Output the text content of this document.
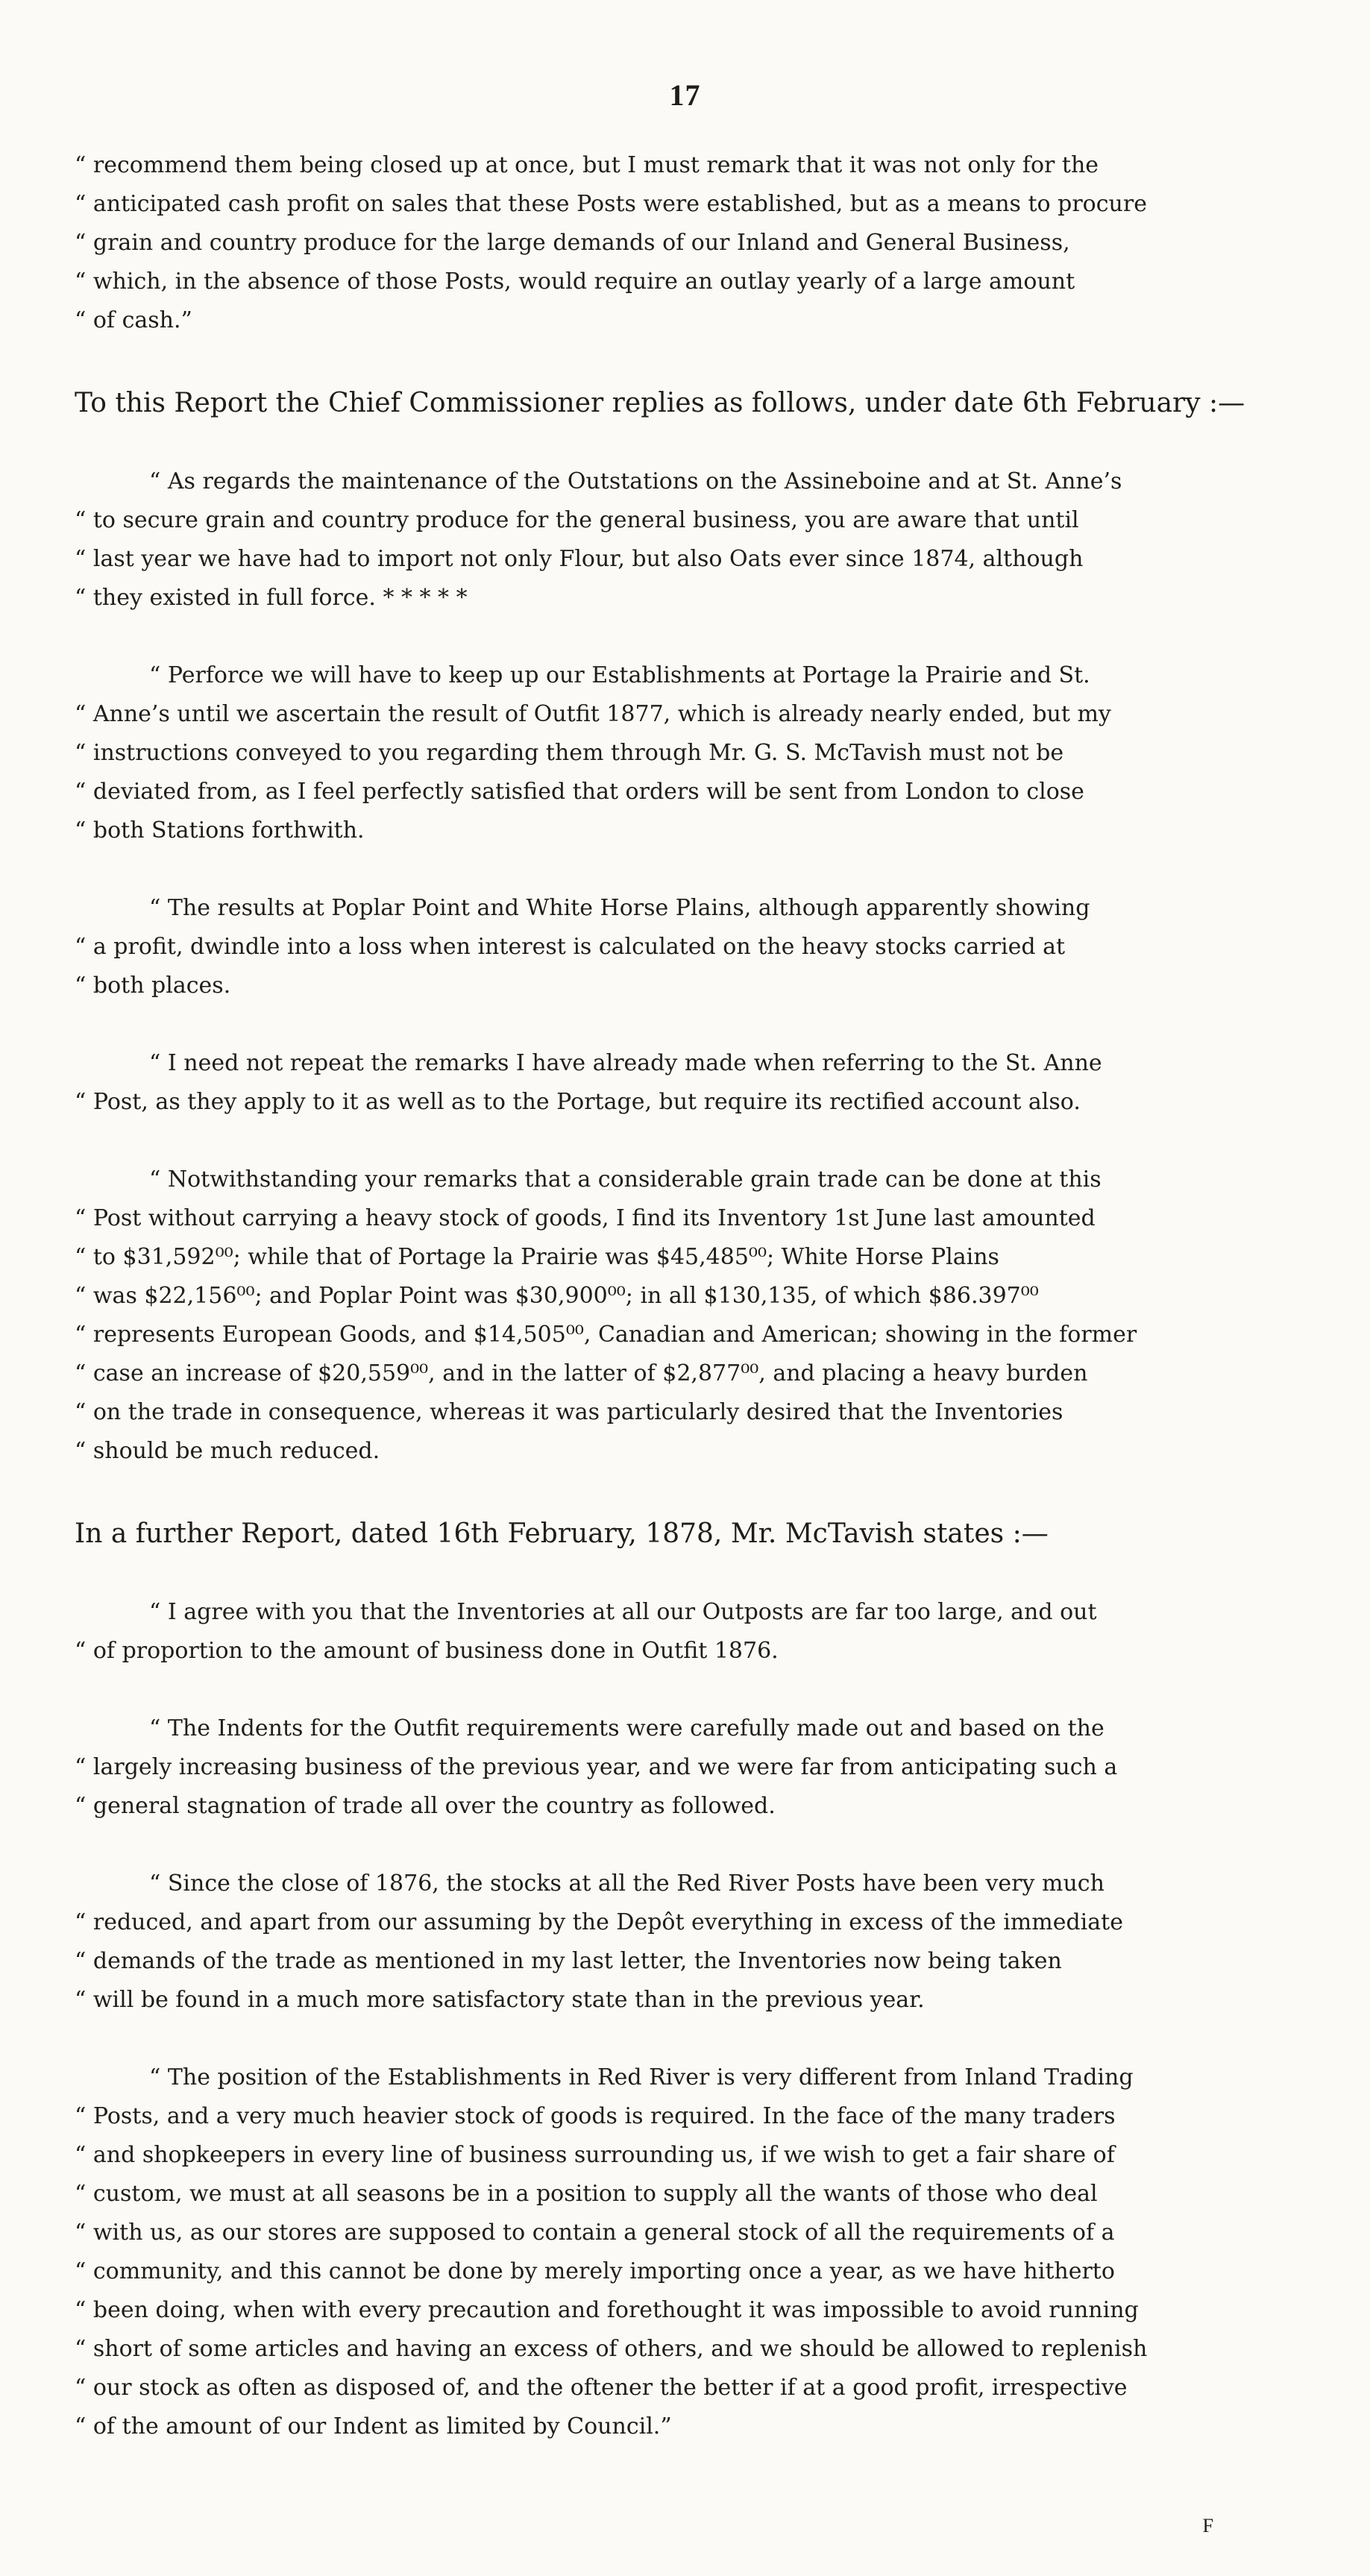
17
“ recommend them being closed up at once, but I must remark that it was not only for the
“ anticipated cash profit on sales that these Posts were established, but as a means to procure
“ grain and country produce for the large demands of our Inland and General Business,
“ which, in the absence of those Posts, would require an outlay yearly of a large amount
“ of cash.”
To this Report the Chief Commissioner replies as follows, under date 6th February :—
“ As regards the maintenance of the Outstations on the Assineboine and at St. Anne’s
“ to secure grain and country produce for the general business, you are aware that until
“ last year we have had to import not only Flour, but also Oats ever since 1874, although
“ they existed in full force. * * * * *
“ Perforce we will have to keep up our Establishments at Portage la Prairie and St.
“ Anne’s until we ascertain the result of Outfit 1877, which is already nearly ended, but my
“ instructions conveyed to you regarding them through Mr. G. S. McTavish must not be
“ deviated from, as I feel perfectly satisfied that orders will be sent from London to close
“ both Stations forthwith.
“ The results at Poplar Point and White Horse Plains, although apparently showing
“ a profit, dwindle into a loss when interest is calculated on the heavy stocks carried at
“ both places.
“ I need not repeat the remarks I have already made when referring to the St. Anne
“ Post, as they apply to it as well as to the Portage, but require its rectified account also.
“ Notwithstanding your remarks that a considerable grain trade can be done at this
“ Post without carrying a heavy stock of goods, I find its Inventory 1st June last amounted
“ to $31,592⁰⁰; while that of Portage la Prairie was $45,485⁰⁰; White Horse Plains
“ was $22,156⁰⁰; and Poplar Point was $30,900⁰⁰; in all $130,135, of which $86.397⁰⁰
“ represents European Goods, and $14,505⁰⁰, Canadian and American; showing in the former
“ case an increase of $20,559⁰⁰, and in the latter of $2,877⁰⁰, and placing a heavy burden
“ on the trade in consequence, whereas it was particularly desired that the Inventories
“ should be much reduced.
In a further Report, dated 16th February, 1878, Mr. McTavish states :—
“ I agree with you that the Inventories at all our Outposts are far too large, and out
“ of proportion to the amount of business done in Outfit 1876.
“ The Indents for the Outfit requirements were carefully made out and based on the
“ largely increasing business of the previous year, and we were far from anticipating such a
“ general stagnation of trade all over the country as followed.
“ Since the close of 1876, the stocks at all the Red River Posts have been very much
“ reduced, and apart from our assuming by the Depôt everything in excess of the immediate
“ demands of the trade as mentioned in my last letter, the Inventories now being taken
“ will be found in a much more satisfactory state than in the previous year.
“ The position of the Establishments in Red River is very different from Inland Trading
“ Posts, and a very much heavier stock of goods is required. In the face of the many traders
“ and shopkeepers in every line of business surrounding us, if we wish to get a fair share of
“ custom, we must at all seasons be in a position to supply all the wants of those who deal
“ with us, as our stores are supposed to contain a general stock of all the requirements of a
“ community, and this cannot be done by merely importing once a year, as we have hitherto
“ been doing, when with every precaution and forethought it was impossible to avoid running
“ short of some articles and having an excess of others, and we should be allowed to replenish
“ our stock as often as disposed of, and the oftener the better if at a good profit, irrespective
“ of the amount of our Indent as limited by Council.”
F
